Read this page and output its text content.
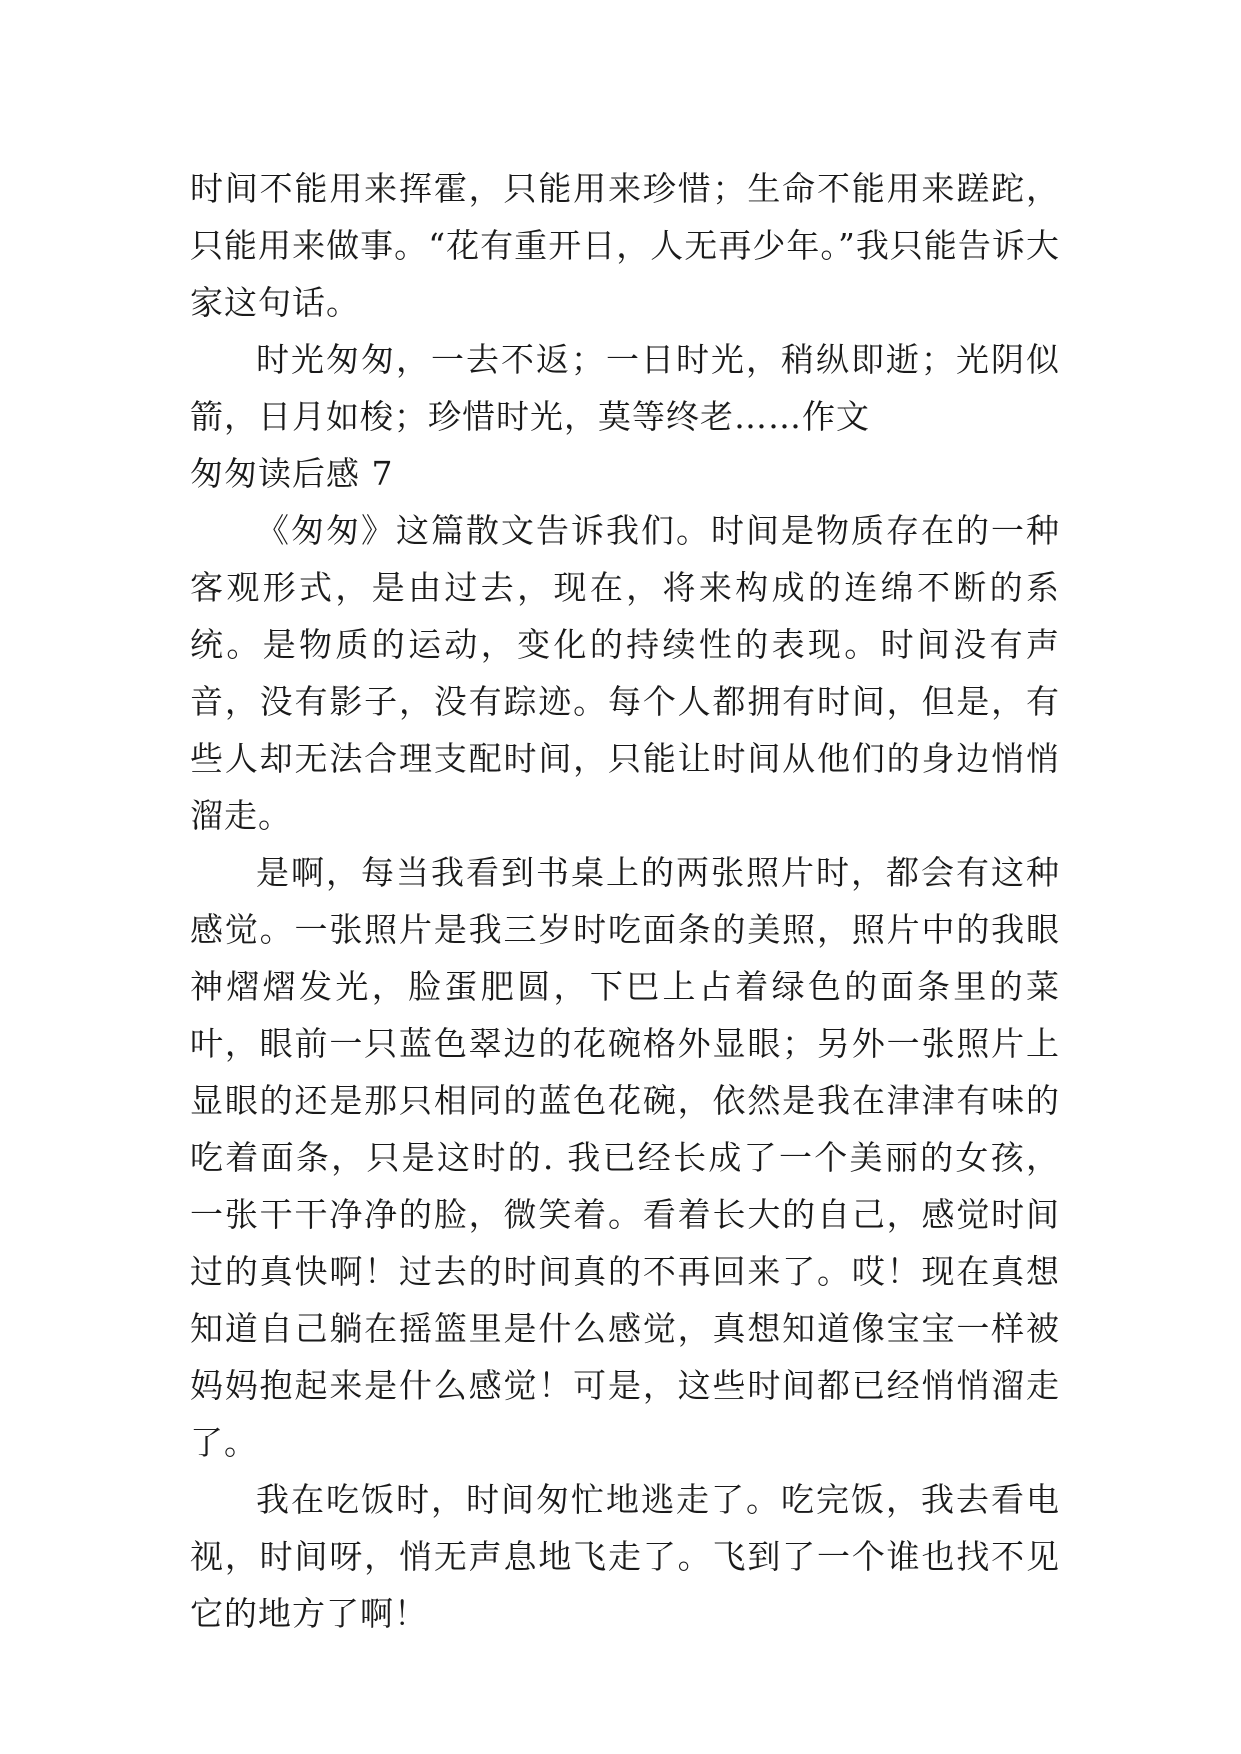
时间不能用来挥霍，只能用来珍惜；生命不能用来蹉跎，只能用来做事。“花有重开日，人无再少年。”我只能告诉大家这句话。

时光匆匆，一去不返；一日时光，稍纵即逝；光阴似箭，日月如梭；珍惜时光，莫等终老……作文

匆匆读后感 7

《匆匆》这篇散文告诉我们。时间是物质存在的一种客观形式，是由过去，现在，将来构成的连绵不断的系统。是物质的运动，变化的持续性的表现。时间没有声音，没有影子，没有踪迹。每个人都拥有时间，但是，有些人却无法合理支配时间，只能让时间从他们的身边悄悄溜走。

是啊，每当我看到书桌上的两张照片时，都会有这种感觉。一张照片是我三岁时吃面条的美照，照片中的我眼神熠熠发光，脸蛋肥圆，下巴上占着绿色的面条里的菜叶，眼前一只蓝色翠边的花碗格外显眼；另外一张照片上显眼的还是那只相同的蓝色花碗，依然是我在津津有味的吃着面条，只是这时的. 我已经长成了一个美丽的女孩，一张干干净净的脸，微笑着。看着长大的自己，感觉时间过的真快啊！过去的时间真的不再回来了。哎！现在真想知道自己躺在摇篮里是什么感觉，真想知道像宝宝一样被妈妈抱起来是什么感觉！可是，这些时间都已经悄悄溜走了。

我在吃饭时，时间匆忙地逃走了。吃完饭，我去看电视，时间呀，悄无声息地飞走了。飞到了一个谁也找不见它的地方了啊！
